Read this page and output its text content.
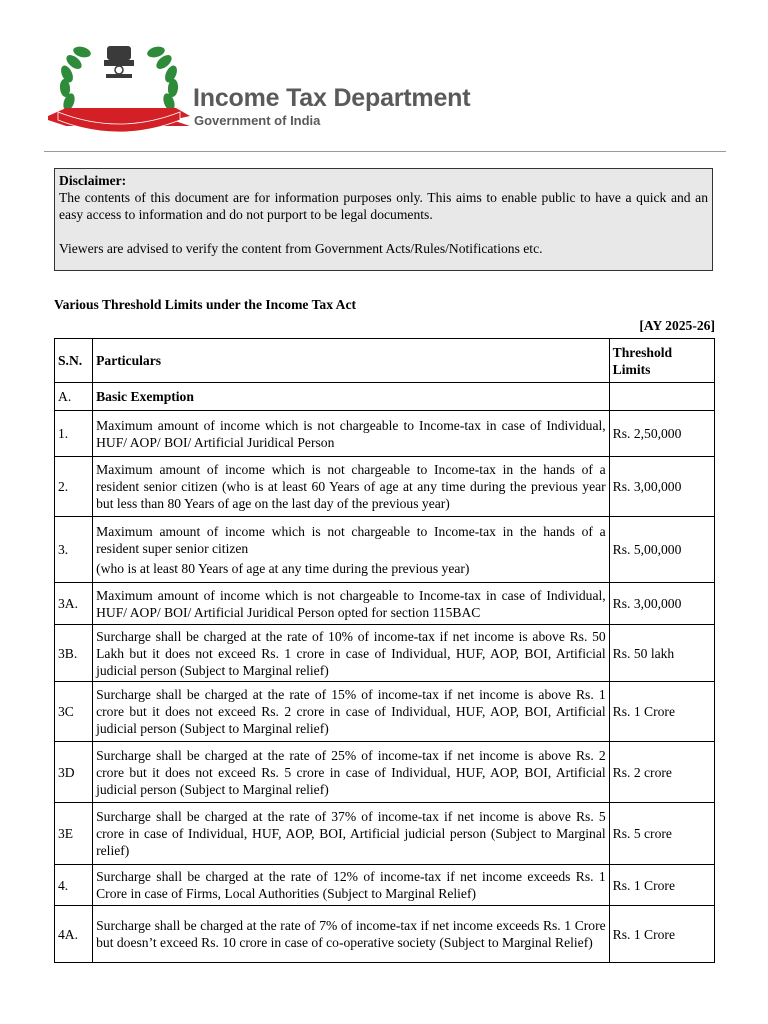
Income Tax Department
Government of India
Disclaimer:
The contents of this document are for information purposes only. This aims to enable public to have a quick and an easy access to information and do not purport to be legal documents.
Viewers are advised to verify the content from Government Acts/Rules/Notifications etc.
Various Threshold Limits under the Income Tax Act
[AY 2025-26]
S.N.	Particulars	Threshold Limits
A.	Basic Exemption	

1.	Maximum amount of income which is not chargeable to Income-tax in case of Individual, HUF/ AOP/ BOI/ Artificial Juridical Person	Rs. 2,50,000
2.	Maximum amount of income which is not chargeable to Income-tax in the hands of a resident senior citizen (who is at least 60 Years of age at any time during the previous year but less than 80 Years of age on the last day of the previous year)	Rs. 3,00,000
3.	Maximum amount of income which is not chargeable to Income-tax in the hands of a resident super senior citizen
(who is at least 80 Years of age at any time during the previous year)	Rs. 5,00,000
3A.	Maximum amount of income which is not chargeable to Income-tax in case of Individual, HUF/ AOP/ BOI/ Artificial Juridical Person opted for section 115BAC	Rs. 3,00,000
3B.	Surcharge shall be charged at the rate of 10% of income-tax if net income is above Rs. 50 Lakh but it does not exceed Rs. 1 crore in case of Individual, HUF, AOP, BOI, Artificial judicial person (Subject to Marginal relief)	Rs. 50 lakh
3C	Surcharge shall be charged at the rate of 15% of income-tax if net income is above Rs. 1 crore but it does not exceed Rs. 2 crore in case of Individual, HUF, AOP, BOI, Artificial judicial person (Subject to Marginal relief)	Rs. 1 Crore
3D	Surcharge shall be charged at the rate of 25% of income-tax if net income is above Rs. 2 crore but it does not exceed Rs. 5 crore in case of Individual, HUF, AOP, BOI, Artificial judicial person (Subject to Marginal relief)	Rs. 2 crore
3E	Surcharge shall be charged at the rate of 37% of income-tax if net income is above Rs. 5 crore in case of Individual, HUF, AOP, BOI, Artificial judicial person (Subject to Marginal relief)	Rs. 5 crore
4.	Surcharge shall be charged at the rate of 12% of income-tax if net income exceeds Rs. 1 Crore in case of Firms, Local Authorities (Subject to Marginal Relief)	Rs. 1 Crore
4A.	Surcharge shall be charged at the rate of 7% of income-tax if net income exceeds Rs. 1 Crore but doesn’t exceed Rs. 10 crore in case of co-operative society (Subject to Marginal Relief)	Rs. 1 Crore
